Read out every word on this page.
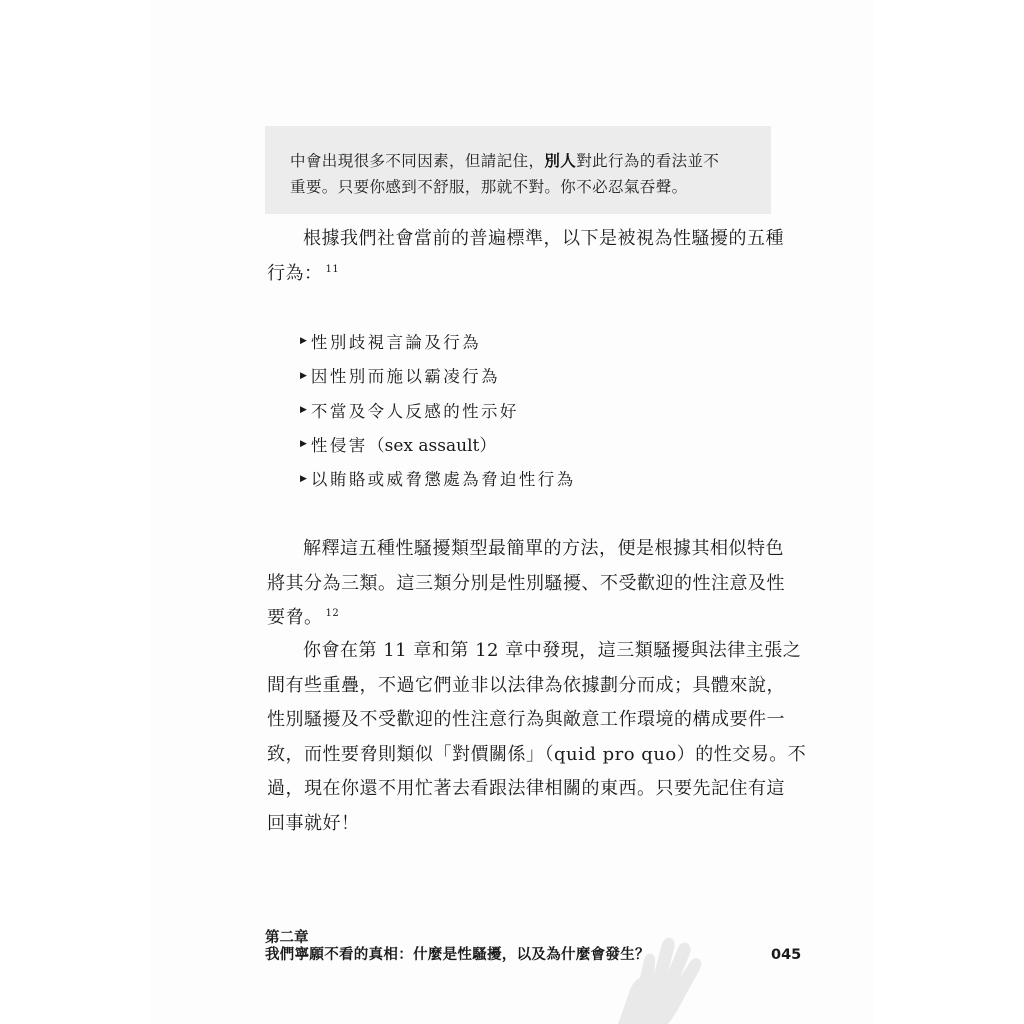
中會出現很多不同因素，但請記住，別人對此行為的看法並不
重要。只要你感到不舒服，那就不對。你不必忍氣吞聲。
根據我們社會當前的普遍標準，以下是被視為性騷擾的五種
行為： $^{11}$
▶ 性別歧視言論及行為
▶ 因性別而施以霸凌行為
▶ 不當及令人反感的性示好
▶ 性侵害（sex assault）
▶ 以賄賂或威脅懲處為脅迫性行為
解釋這五種性騷擾類型最簡單的方法，便是根據其相似特色
將其分為三類。這三類分別是性別騷擾、不受歡迎的性注意及性
要脅。 $^{12}$
你會在第 11 章和第 12 章中發現，這三類騷擾與法律主張之
間有些重疊，不過它們並非以法律為依據劃分而成；具體來說，
性別騷擾及不受歡迎的性注意行為與敵意工作環境的構成要件一
致，而性要脅則類似「對價關係」（quid pro quo）的性交易。不
過，現在你還不用忙著去看跟法律相關的東西。只要先記住有這
回事就好！
第二章
我們寧願不看的真相：什麼是性騷擾，以及為什麼會發生？	045
